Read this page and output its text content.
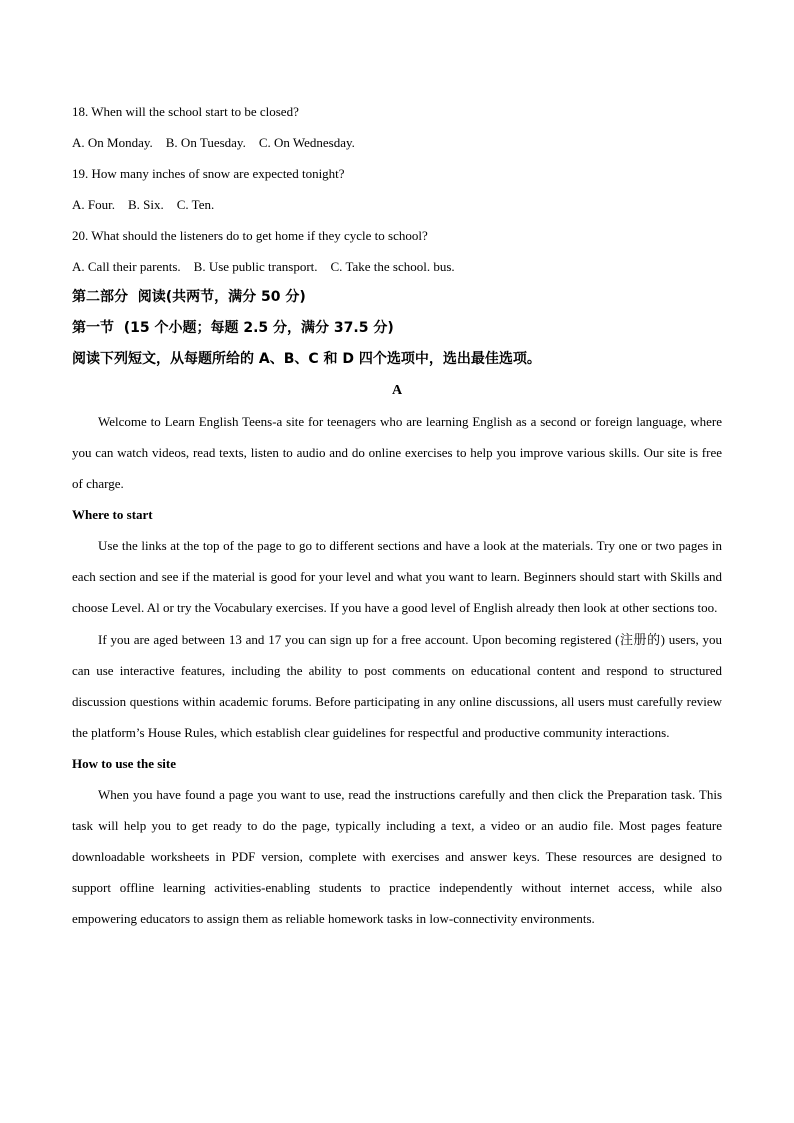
18. When will the school start to be closed?
A. On Monday.    B. On Tuesday.    C. On Wednesday.
19. How many inches of snow are expected tonight?
A. Four.    B. Six.    C. Ten.
20. What should the listeners do to get home if they cycle to school?
A. Call their parents.    B. Use public transport.    C. Take the school. bus.
第二部分  阅读(共两节，满分 50 分)
第一节  (15 个小题；每题 2.5 分，满分 37.5 分)
阅读下列短文，从每题所给的 A、B、C 和 D 四个选项中，选出最佳选项。
A

Welcome to Learn English Teens-a site for teenagers who are learning English as a second or foreign language, where you can watch videos, read texts, listen to audio and do online exercises to help you improve various skills. Our site is free of charge.

Where to start

Use the links at the top of the page to go to different sections and have a look at the materials. Try one or two pages in each section and see if the material is good for your level and what you want to learn. Beginners should start with Skills and choose Level. Al or try the Vocabulary exercises. If you have a good level of English already then look at other sections too.

If you are aged between 13 and 17 you can sign up for a free account. Upon becoming registered (注册的) users, you can use interactive features, including the ability to post comments on educational content and respond to structured discussion questions within academic forums. Before participating in any online discussions, all users must carefully review the platform’s House Rules, which establish clear guidelines for respectful and productive community interactions.

How to use the site

When you have found a page you want to use, read the instructions carefully and then click the Preparation task. This task will help you to get ready to do the page, typically including a text, a video or an audio file. Most pages feature downloadable worksheets in PDF version, complete with exercises and answer keys. These resources are designed to support offline learning activities-enabling students to practice independently without internet access, while also empowering educators to assign them as reliable homework tasks in low-connectivity environments.
